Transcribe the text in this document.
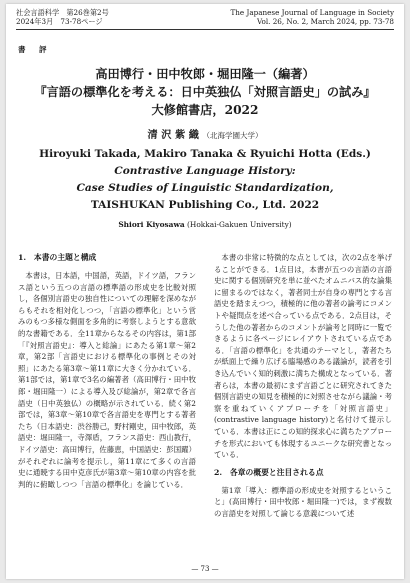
社会言語科学　第26巻第2号
2024年3月　73-78ページ
The Japanese Journal of Language in Society
Vol. 26, No. 2, March 2024, pp. 73-78
書　評
高田博行・田中牧郎・堀田隆一（編著）
『言語の標準化を考える：日中英独仏「対照言語史」の試み』
大修館書店，2022
清 沢 紫 織 （北海学園大学）
Hiroyuki Takada, Makiro Tanaka & Ryuichi Hotta (Eds.)
Contrastive Language History:
Case Studies of Linguistic Standardization,
TAISHUKAN Publishing Co., Ltd. 2022
Shiori Kiyosawa (Hokkai-Gakuen University)
1.　本書の主題と構成

本書は，日本語，中国語，英語，ドイツ語，フランス語という五つの言語の標準語の形成史を比較対照し，各個別言語史の独自性についての理解を深めながらもそれを相対化しつつ，「言語の標準化」という営みのもつ多様な側面を多角的に考察しようとする意欲的な書籍である．全11章からなるその内容は，第1部「『対照言語史』：導入と総論」にあたる第1章～第2章，第2部「言語史における標準化の事例とその対照」にあたる第3章～第11章に大きく分かれている．第1部では，第1章で3名の編著者（高田博行・田中牧郎・堀田隆一）による導入及び総論が，第2章で各言語史（日中英独仏）の概略が示されている．続く第2部では，第3章～第10章で各言語史を専門とする著者たち（日本語史：渋谷勝己，野村剛史，田中牧郎，英語史：堀田隆一，寺澤盾，フランス語史：西山教行，ドイツ語史：高田博行，佐藤恵，中国語史：彭国躍）がそれぞれに論考を提示し，第11章にて多くの言語史に通暁する田中克彦氏が第3章～第10章の内容を批判的に俯瞰しつつ「言語の標準化」を論じている．

本書の非常に特徴的な点としては，次の2点を挙げることができる．1点目は，本書が五つの言語の言語史に関する個別研究を単に並べたオムニバス的な論集に留まるのではなく，著者同士が自身の専門とする言語史を踏まえつつ，積極的に他の著者の論考にコメントや疑問点を述べ合っている点である．2点目は，そうした他の著者からのコメントが論考と同時に一覧できるように各ページにレイアウトされている点である．「言語の標準化」を共通のテーマとし，著者たちが紙面上で繰り広げる臨場感のある議論が，読者を引き込んでいく知的刺激に満ちた構成となっている．著者らは，本書の最初にまず言語ごとに研究されてきた個別言語史の知見を積極的に対照させながら議論・考察を重ねていくアプローチを「対照言語史」(contrastive language history)と名付けて提示している．本書は正にこの知的探求心に満ちたアプローチを形式においても体現するユニークな研究書となっている．

2.　各章の概要と注目される点

第1章「導入：標準語の形成史を対照するということ」(高田博行・田中牧郎・堀田隆一)では，まず複数の言語史を対照して論じる意義について述

— 73 —
